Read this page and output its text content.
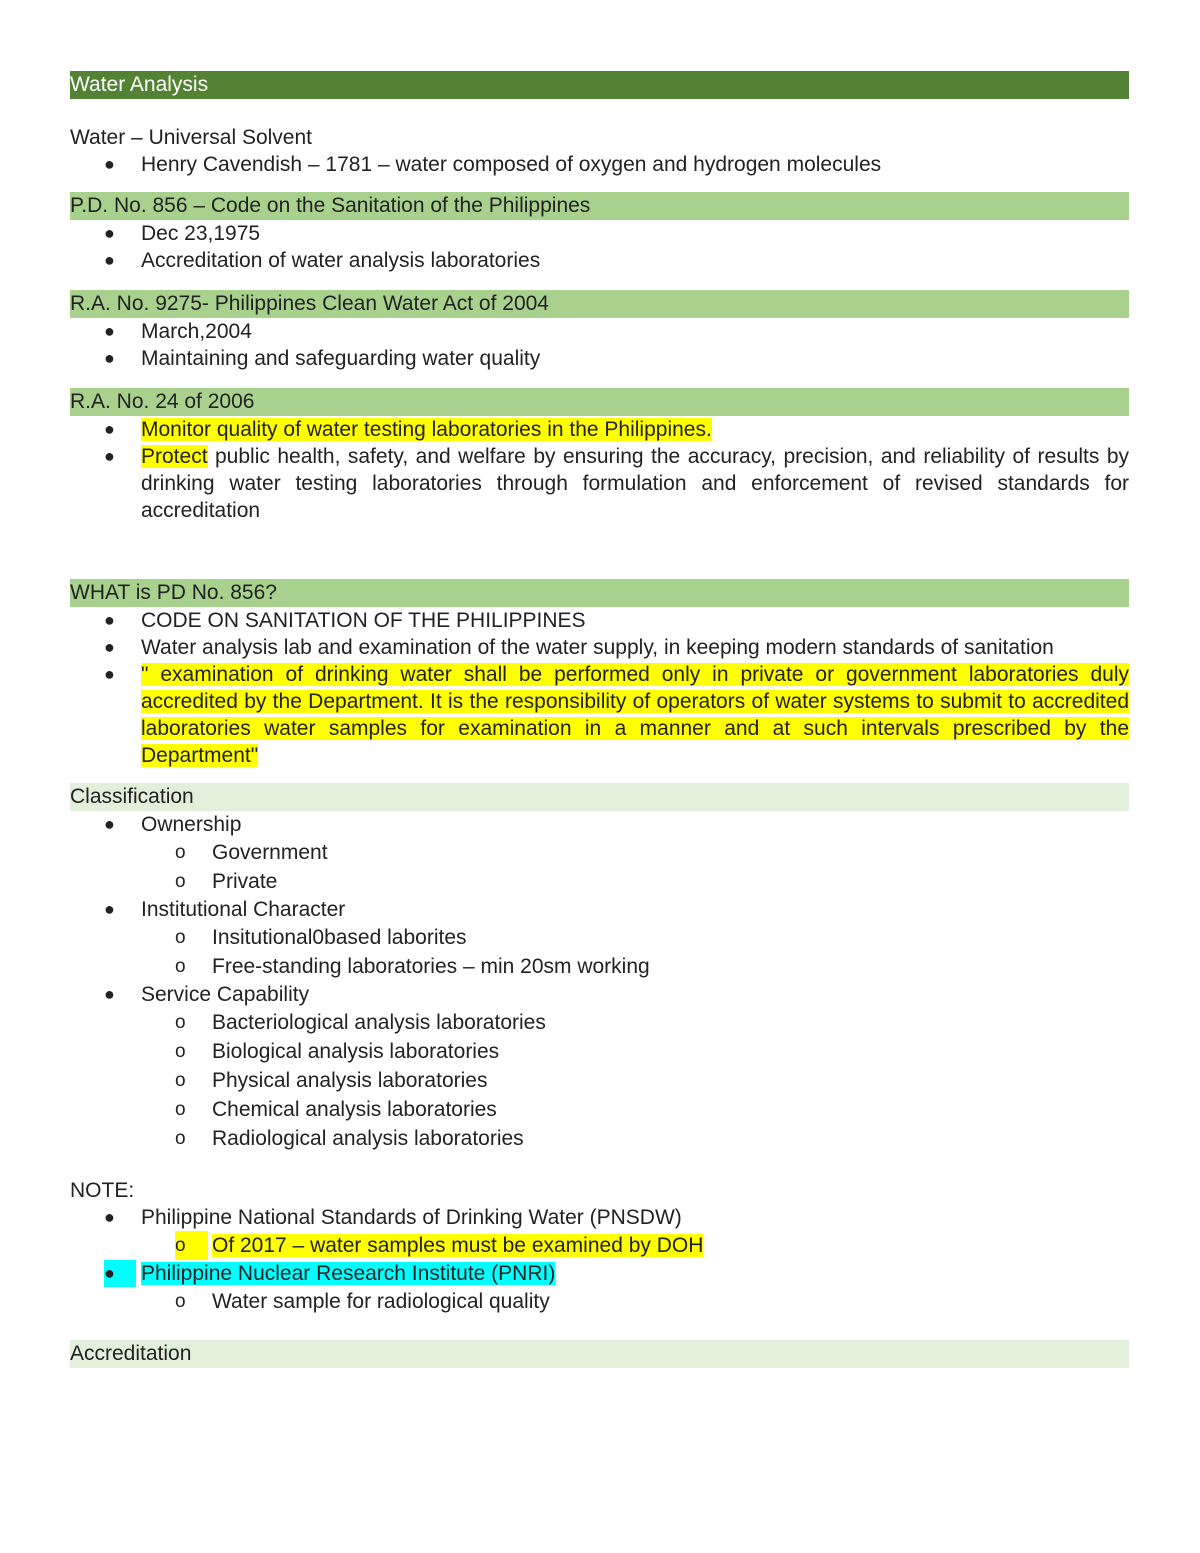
Water Analysis
Water – Universal Solvent
● Henry Cavendish – 1781 – water composed of oxygen and hydrogen molecules
P.D. No. 856 – Code on the Sanitation of the Philippines
● Dec 23,1975
● Accreditation of water analysis laboratories
R.A. No. 9275- Philippines Clean Water Act of 2004
● March,2004
● Maintaining and safeguarding water quality
R.A. No. 24 of 2006
● Monitor quality of water testing laboratories in the Philippines.
● Protect public health, safety, and welfare by ensuring the accuracy, precision, and reliability of results by drinking water testing laboratories through formulation and enforcement of revised standards for accreditation
WHAT is PD No. 856?
● CODE ON SANITATION OF THE PHILIPPINES
● Water analysis lab and examination of the water supply, in keeping modern standards of sanitation
● " examination of drinking water shall be performed only in private or government laboratories duly accredited by the Department. It is the responsibility of operators of water systems to submit to accredited laboratories water samples for examination in a manner and at such intervals prescribed by the Department"
Classification
● Ownership
o Government
o Private
● Institutional Character
o Insitutional0based laborites
o Free-standing laboratories – min 20sm working
● Service Capability
o Bacteriological analysis laboratories
o Biological analysis laboratories
o Physical analysis laboratories
o Chemical analysis laboratories
o Radiological analysis laboratories
NOTE:
● Philippine National Standards of Drinking Water (PNSDW)
o	Of 2017 – water samples must be examined by DOH
●	Philippine Nuclear Research Institute (PNRI)
o Water sample for radiological quality
Accreditation
